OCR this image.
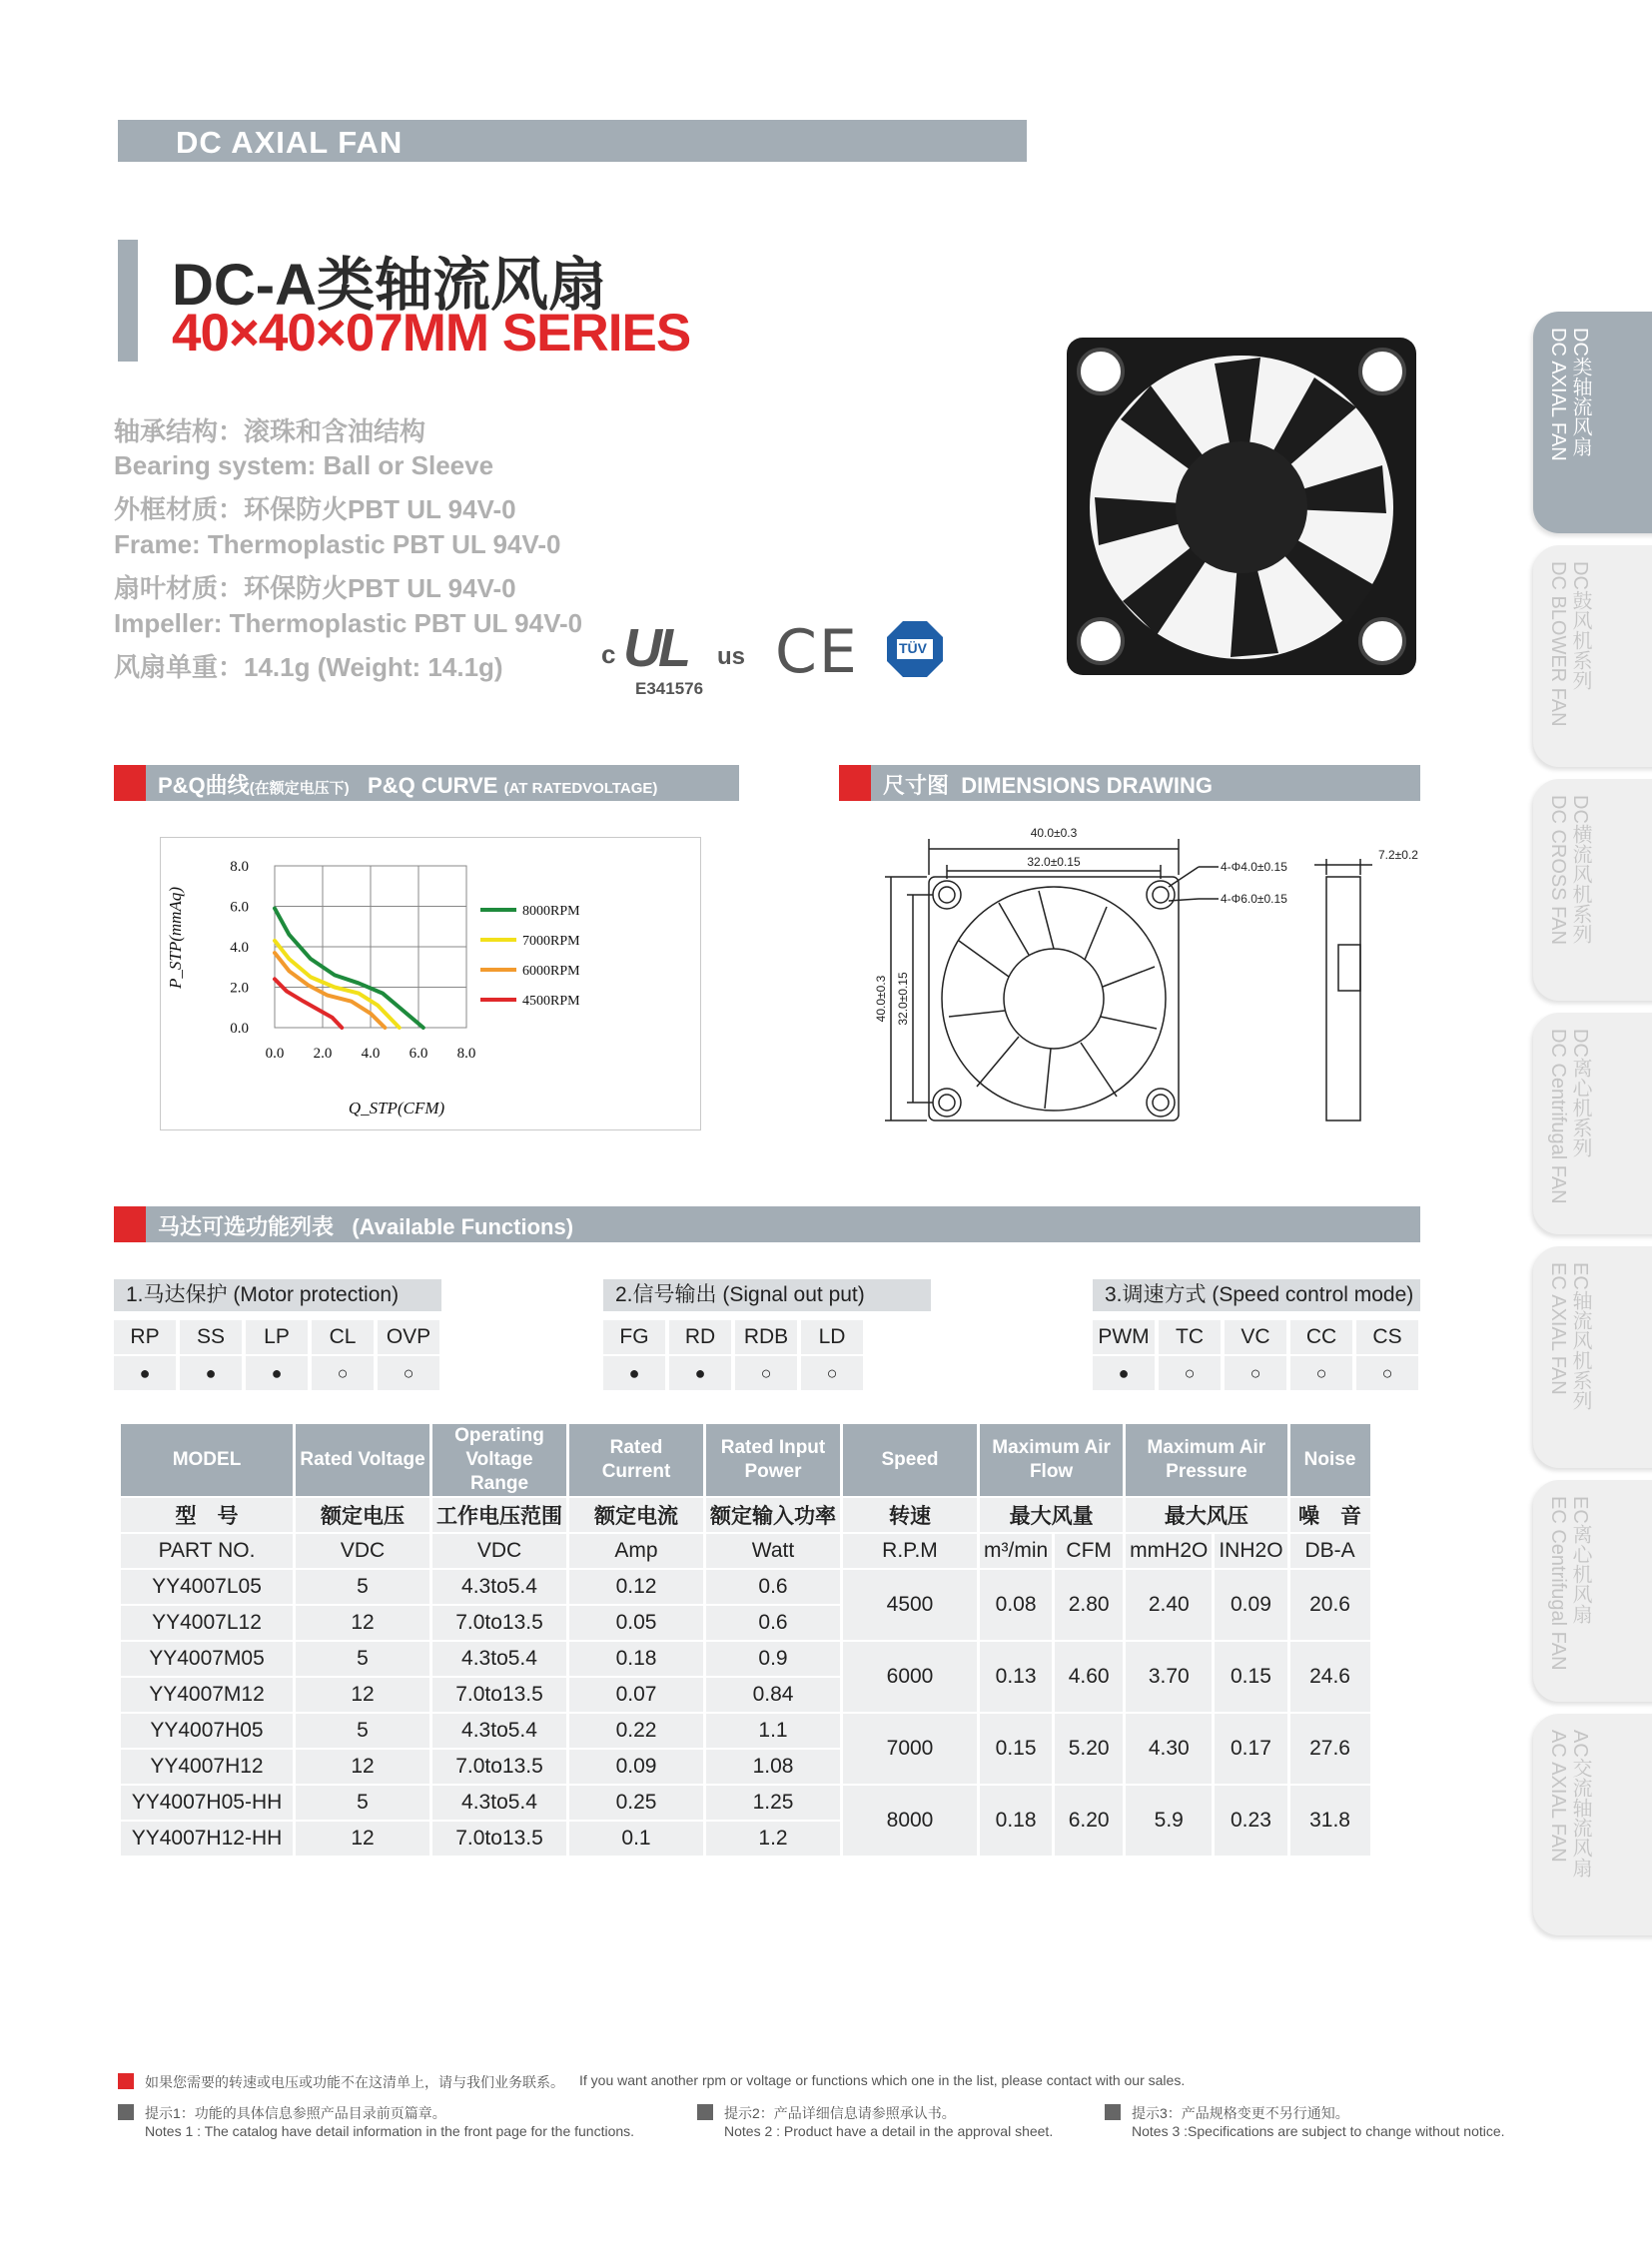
DC AXIAL FAN
DC-A类轴流风扇
40×40×07MM SERIES
轴承结构：滚珠和含油结构
Bearing system: Ball or Sleeve
外框材质：环保防火PBT UL 94V-0
Frame: Thermoplastic PBT UL 94V-0
扇叶材质：环保防火PBT UL 94V-0
Impeller: Thermoplastic PBT UL 94V-0
风扇单重：14.1g (Weight: 14.1g)	c UL us
E341576
CE	TÜV
DC类轴流风扇
DC AXIAL FAN
DC鼓风机系列
DC BLOWER FAN
DC横流风机系列
DC CROSS FAN
DC离心机系列
DC Centrifugal FAN
EC轴流风机系列
EC AXIAL FAN
EC离心机风扇
EC Centrifugal FAN
AC交流轴流风扇
AC AXIAL FAN
P&Q曲线(在额定电压下) P&Q CURVE (AT RATEDVOLTAGE)	尺寸图 DIMENSIONS DRAWING
0.0 2.0 4.0 6.0 8.0
0.0
2.0
4.0
6.0
8.0
8000RPM
7000RPM
6000RPM
4500RPM
P_STP(mmAq)
Q_STP(CFM)
40.0±0.3
32.0±0.15	4-Φ4.0±0.15
4-Φ6.0±0.15
7.2±0.2
40.0±0.3 32.0±0.15
马达可选功能列表 (Available Functions)
1.马达保护 (Motor protection)	2.信号输出 (Signal out put)	3.调速方式 (Speed control mode)
RP	SS	LP	CL	OVP
●	●	●	○	○
FG	RD	RDB	LD
●	●	○	○
PWM	TC	VC	CC	CS
●	○	○	○	○
MODEL	Rated Voltage	Operating Voltage Range	Rated Current	Rated Input Power	Speed	Maximum Air Flow		Maximum Air Pressure		Noise
型　号	额定电压	工作电压范围	额定电流	额定输入功率	转速	最大风量		最大风压		噪　音
PART NO.	VDC	VDC	Amp	Watt	R.P.M	m³/min	CFM	mmH2O	INH2O	DB-A
YY4007L05	5	4.3to5.4	0.12	0.6	4500	0.08	2.80	2.40	0.09	20.6
YY4007L12	12	7.0to13.5	0.05	0.6						
YY4007M05	5	4.3to5.4	0.18	0.9	6000	0.13	4.60	3.70	0.15	24.6
YY4007M12	12	7.0to13.5	0.07	0.84						
YY4007H05	5	4.3to5.4	0.22	1.1	7000	0.15	5.20	4.30	0.17	27.6
YY4007H12	12	7.0to13.5	0.09	1.08						
YY4007H05-HH	5	4.3to5.4	0.25	1.25	8000	0.18	6.20	5.9	0.23	31.8
YY4007H12-HH	12	7.0to13.5	0.1	1.2						
如果您需要的转速或电压或功能不在这清单上，请与我们业务联系。 If you want another rpm or voltage or functions which one in the list, please contact with our sales.
提示1：功能的具体信息参照产品目录前页篇章。
Notes 1 : The catalog have detail information in the front page for the functions.
提示2：产品详细信息请参照承认书。
Notes 2 : Product have a detail in the approval sheet.
提示3：产品规格变更不另行通知。
Notes 3 :Specifications are subject to change without notice.
